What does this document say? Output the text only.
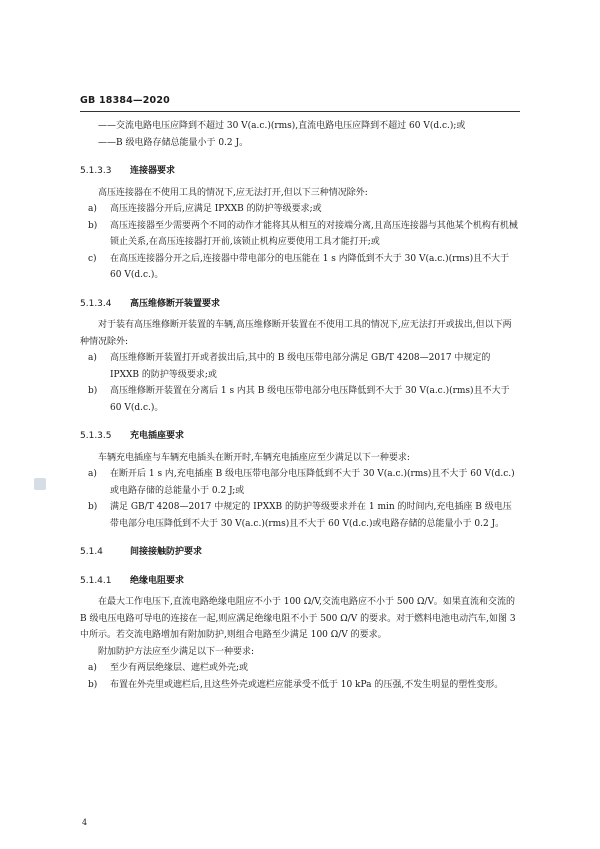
GB 18384—2020
——交流电路电压应降到不超过 30 V(a.c.)(rms),直流电路电压应降到不超过 60 V(d.c.);或
——B 级电路存储总能量小于 0.2 J。
5.1.3.3 连接器要求
高压连接器在不使用工具的情况下,应无法打开,但以下三种情况除外:
a) 高压连接器分开后,应满足 IPXXB 的防护等级要求;或
b) 高压连接器至少需要两个不同的动作才能将其从相互的对接端分离,且高压连接器与其他某个机构有机械锁止关系,在高压连接器打开前,该锁止机构应要使用工具才能打开;或
c) 在高压连接器分开之后,连接器中带电部分的电压能在 1 s 内降低到不大于 30 V(a.c.)(rms)且不大于 60 V(d.c.)。
5.1.3.4 高压维修断开装置要求
对于装有高压维修断开装置的车辆,高压维修断开装置在不使用工具的情况下,应无法打开或拔出,但以下两种情况除外:
a) 高压维修断开装置打开或者拔出后,其中的 B 级电压带电部分满足 GB/T 4208—2017 中规定的 IPXXB 的防护等级要求;或
b) 高压维修断开装置在分离后 1 s 内其 B 级电压带电部分电压降低到不大于 30 V(a.c.)(rms)且不大于 60 V(d.c.)。
5.1.3.5 充电插座要求
车辆充电插座与车辆充电插头在断开时,车辆充电插座应至少满足以下一种要求:
a) 在断开后 1 s 内,充电插座 B 级电压带电部分电压降低到不大于 30 V(a.c.)(rms)且不大于 60 V(d.c.)或电路存储的总能量小于 0.2 J;或
b) 满足 GB/T 4208—2017 中规定的 IPXXB 的防护等级要求并在 1 min 的时间内,充电插座 B 级电压带电部分电压降低到不大于 30 V(a.c.)(rms)且不大于 60 V(d.c.)或电路存储的总能量小于 0.2 J。
5.1.4	间接接触防护要求
5.1.4.1 绝缘电阻要求
在最大工作电压下,直流电路绝缘电阻应不小于 100 Ω/V,交流电路应不小于 500 Ω/V。如果直流和交流的 B 级电压电路可导电的连接在一起,则应满足绝缘电阻不小于 500 Ω/V 的要求。对于燃料电池电动汽车,如图 3 中所示。若交流电路增加有附加防护,则组合电路至少满足 100 Ω/V 的要求。
附加防护方法应至少满足以下一种要求:
a) 至少有两层绝缘层、遮栏或外壳;或
b) 布置在外壳里或遮栏后,且这些外壳或遮栏应能承受不低于 10 kPa 的压强,不发生明显的塑性变形。
4
